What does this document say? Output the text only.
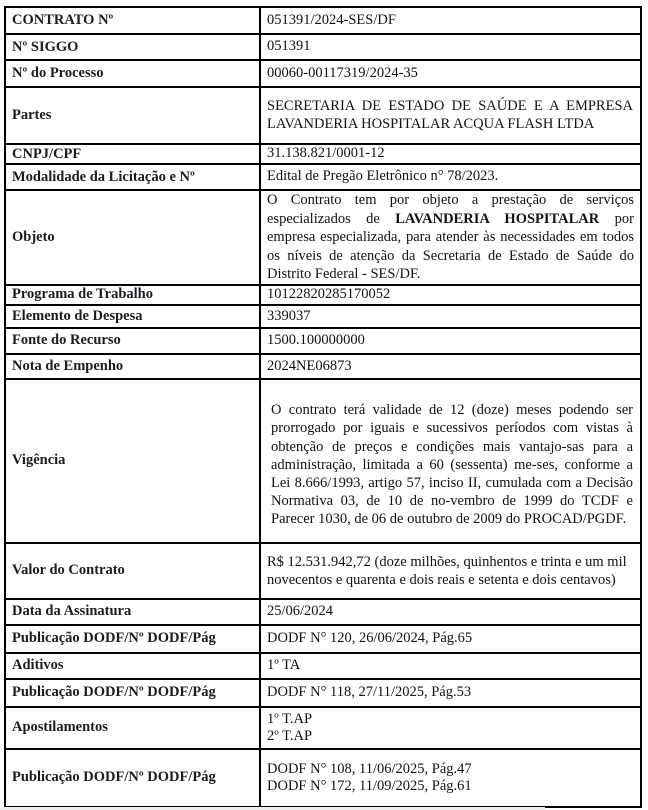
CONTRATO Nº	051391/2024-SES/DF
Nº SIGGO	051391
Nº do Processo	00060-00117319/2024-35
Partes	SECRETARIA DE ESTADO DE SAÚDE E A EMPRESA LAVANDERIA HOSPITALAR ACQUA FLASH LTDA

CNPJ/CPF	31.138.821/0001-12
Modalidade da Licitação e Nº	Edital de Pregão Eletrônico n° 78/2023.
Objeto	O Contrato tem por objeto a prestação de serviços especializados de LAVANDERIA HOSPITALAR por empresa especializada, para atender às necessidades em todos os níveis de atenção da Secretaria de Estado de Saúde do Distrito Federal - SES/DF.

Programa de Trabalho	10122820285170052
Elemento de Despesa	339037
Fonte do Recurso	1500.100000000
Nota de Empenho	2024NE06873
Vigência	O contrato terá validade de 12 (doze) meses podendo ser prorrogado por iguais e sucessivos períodos com vistas à obtenção de preços e condições mais vantajo-sas para a administração, limitada a 60 (sessenta) me-ses, conforme a Lei 8.666/1993, artigo 57, inciso II, cumulada com a Decisão Normativa 03, de 10 de no-vembro de 1999 do TCDF e Parecer 1030, de 06 de outubro de 2009 do PROCAD/PGDF.

Valor do Contrato	R$ 12.531.942,72 (doze milhões, quinhentos e trinta e um mil novecentos e quarenta e dois reais e setenta e dois centavos)
Data da Assinatura	25/06/2024
Publicação DODF/Nº DODF/Pág	DODF N° 120, 26/06/2024, Pág.65
Aditivos	1º TA
Publicação DODF/Nº DODF/Pág	DODF N° 118, 27/11/2025, Pág.53
Apostilamentos	1º T.AP
2º T.AP

Publicação DODF/Nº DODF/Pág	DODF N° 108, 11/06/2025, Pág.47
DODF N° 172, 11/09/2025, Pág.61
